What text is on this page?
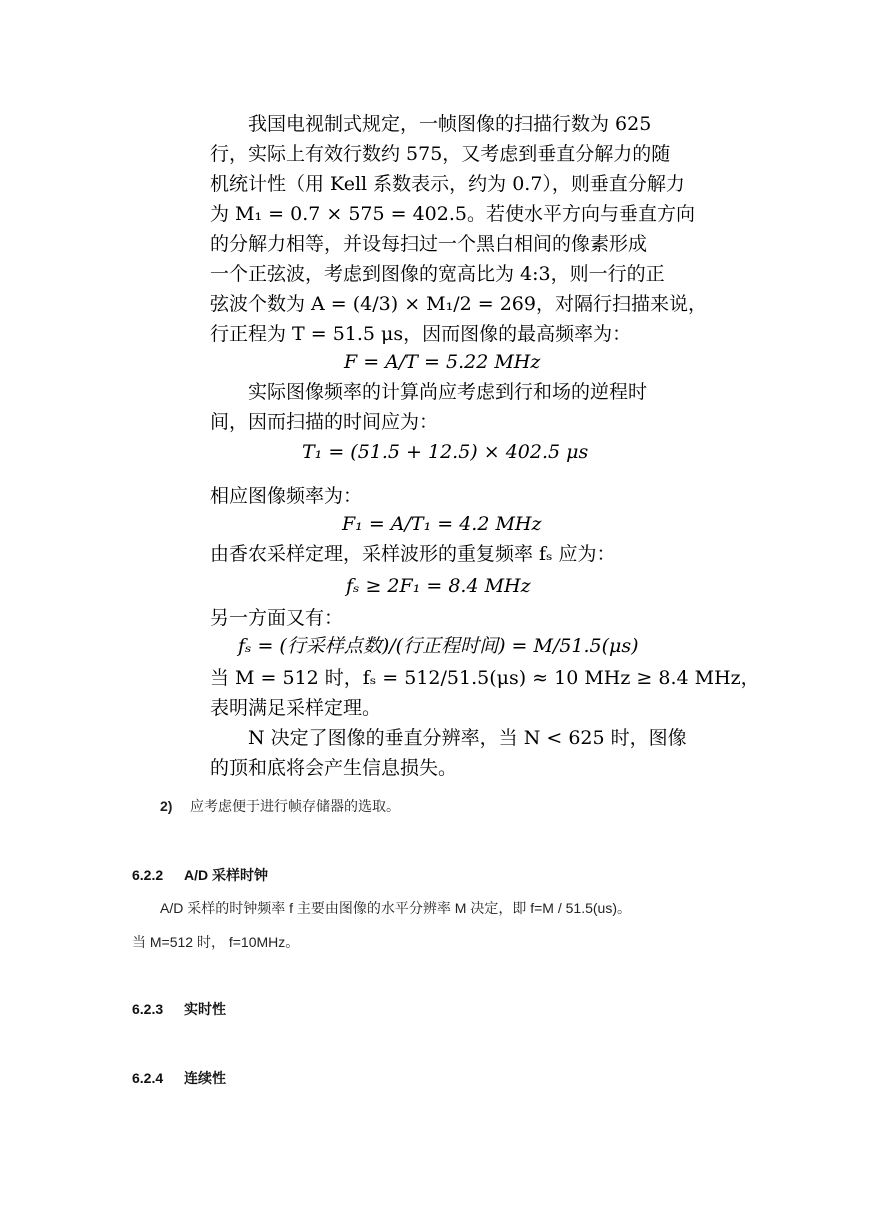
我国电视制式规定，一帧图像的扫描行数为 625
行，实际上有效行数约 575，又考虑到垂直分解力的随
机统计性（用 Kell 系数表示，约为 0.7），则垂直分解力
为 M₁ = 0.7 × 575 = 402.5。若使水平方向与垂直方向
的分解力相等，并设每扫过一个黑白相间的像素形成
一个正弦波，考虑到图像的宽高比为 4:3，则一行的正
弦波个数为 A = (4/3) × M₁/2 = 269，对隔行扫描来说，
行正程为 T = 51.5 μs，因而图像的最高频率为：
F = A/T = 5.22 MHz
实际图像频率的计算尚应考虑到行和场的逆程时
间，因而扫描的时间应为：
T₁ = (51.5 + 12.5) × 402.5 μs
相应图像频率为：
F₁ = A/T₁ = 4.2 MHz
由香农采样定理，采样波形的重复频率 fₛ 应为：
fₛ ≥ 2F₁ = 8.4 MHz
另一方面又有：
fₛ = (行采样点数)/(行正程时间) = M/51.5(μs)
当 M = 512 时，fₛ = 512/51.5(μs) ≈ 10 MHz ≥ 8.4 MHz，
表明满足采样定理。
N 决定了图像的垂直分辨率，当 N < 625 时，图像
的顶和底将会产生信息损失。
2) 应考虑便于进行帧存储器的选取。
6.2.2 A/D 采样时钟
A/D 采样的时钟频率 f 主要由图像的水平分辨率 M 决定，即 f=M / 51.5(us)。
当 M=512 时， f=10MHz。
6.2.3 实时性
6.2.4 连续性
